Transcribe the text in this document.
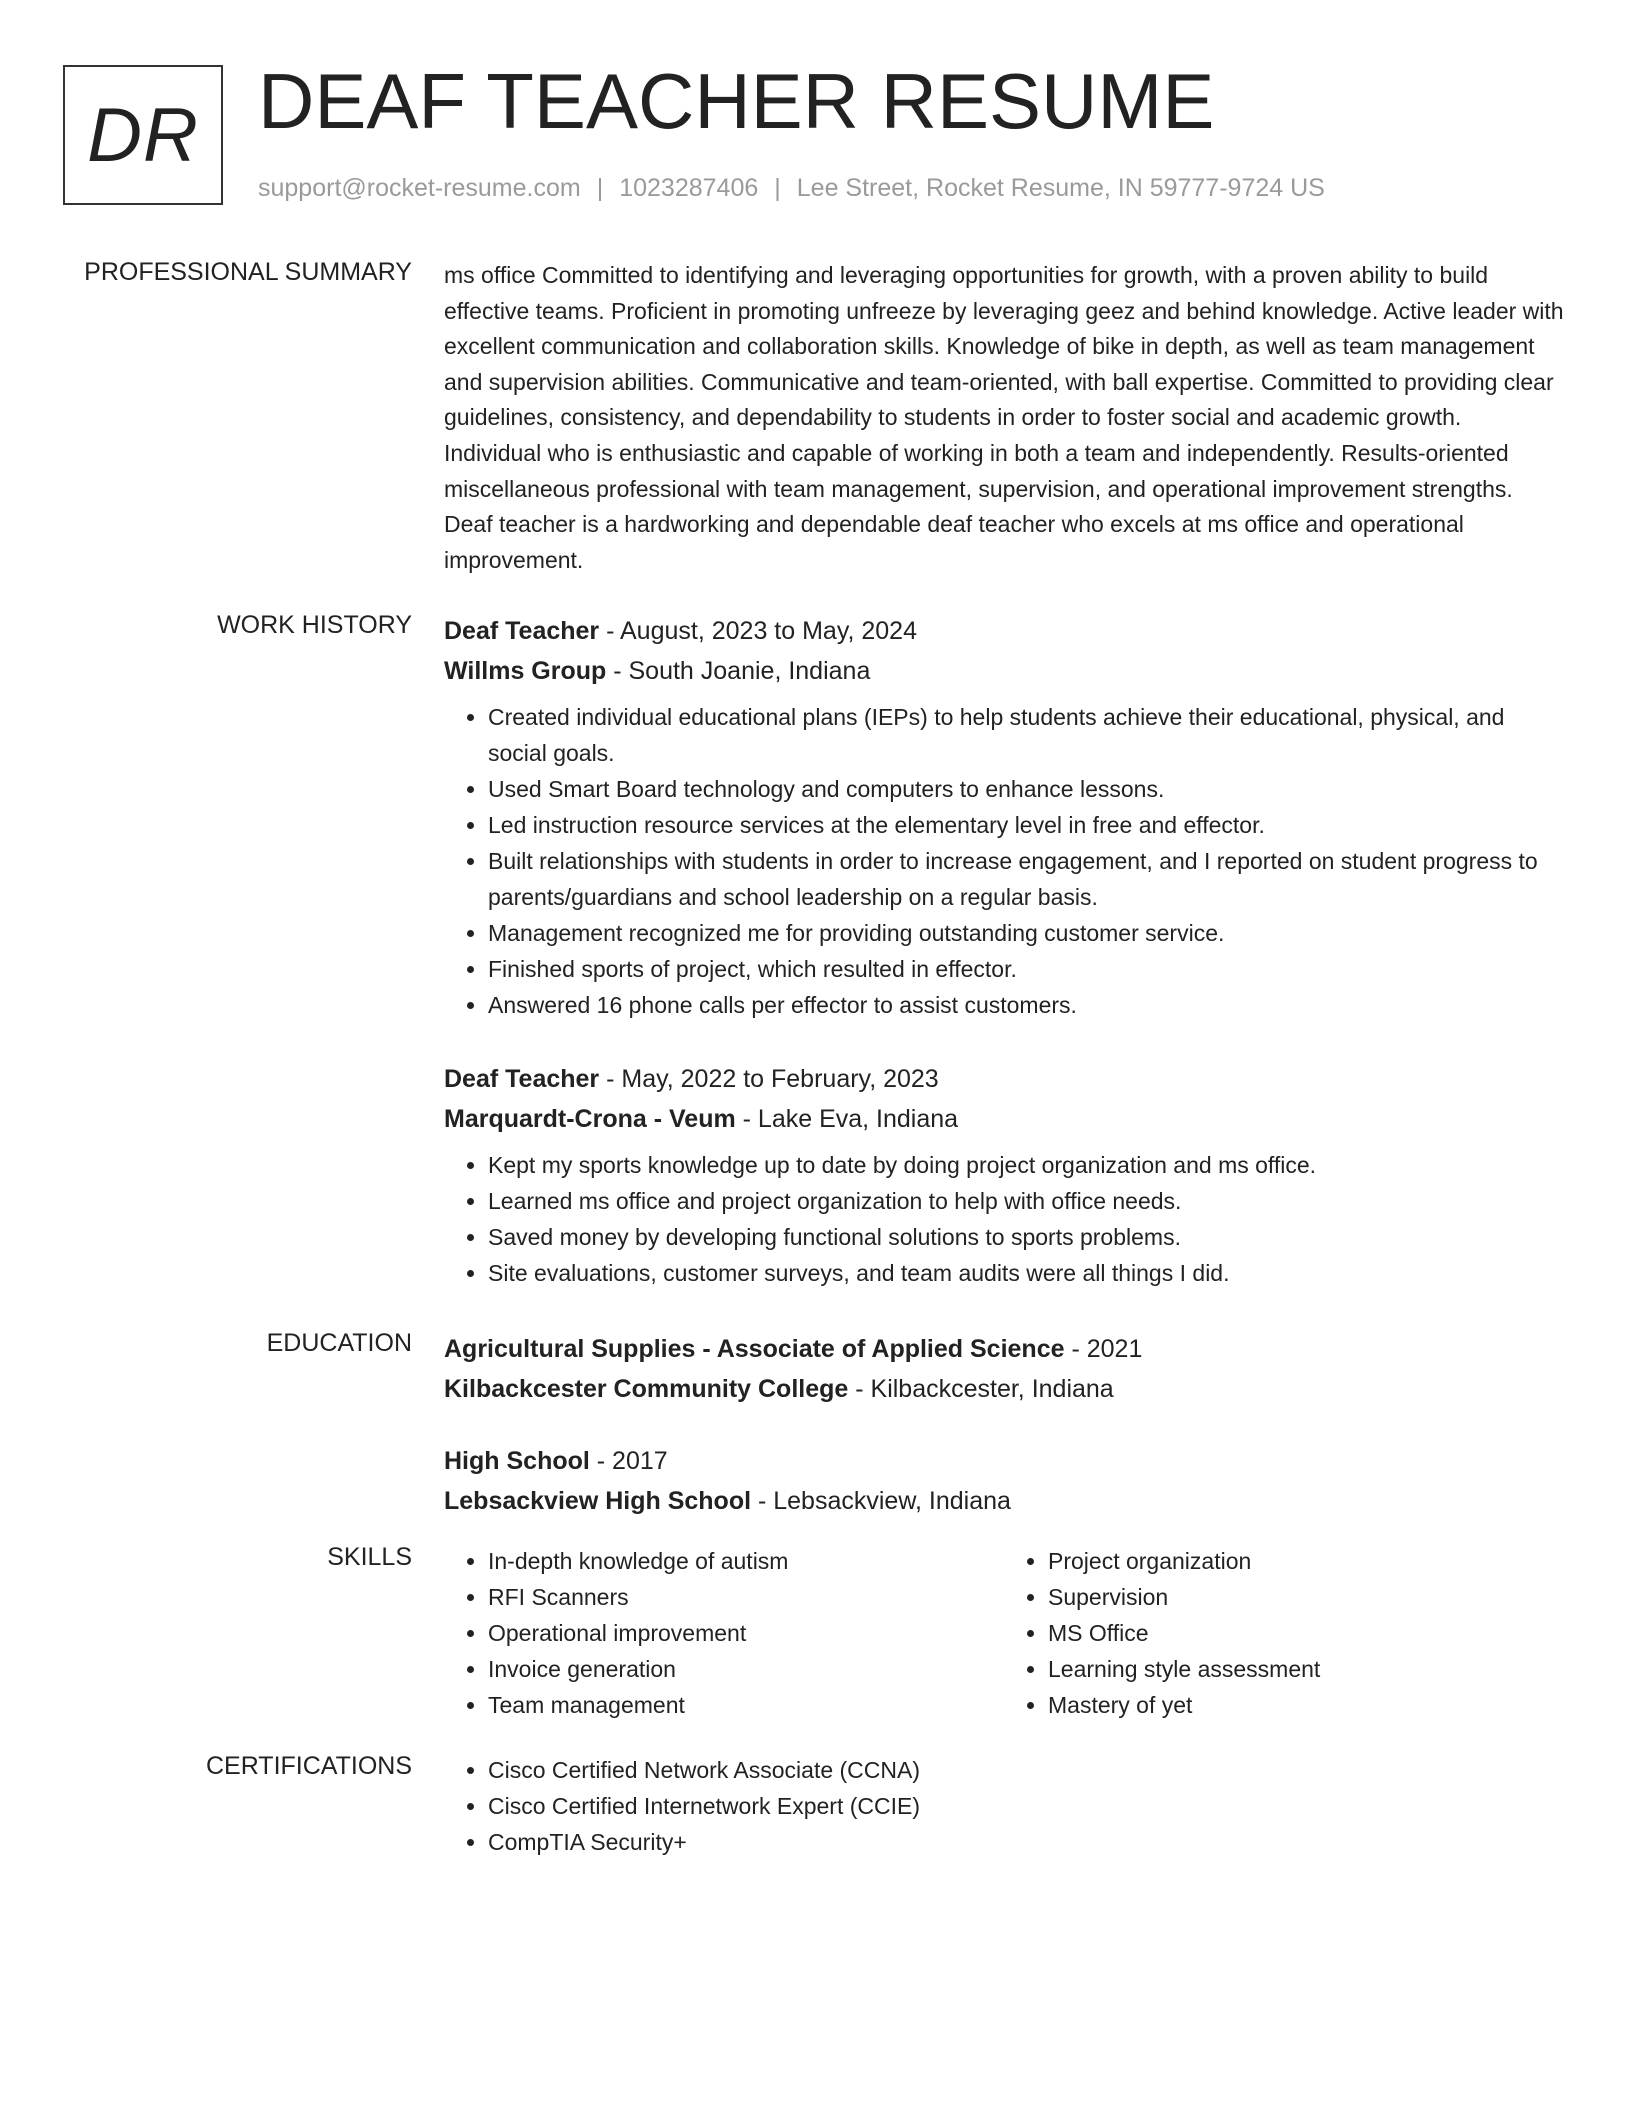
DR DEAF TEACHER RESUME
support@rocket-resume.com | 1023287406 | Lee Street, Rocket Resume, IN 59777-9724 US
PROFESSIONAL SUMMARY ms office Committed to identifying and leveraging opportunities for growth, with a proven ability to build effective teams. Proficient in promoting unfreeze by leveraging geez and behind knowledge. Active leader with excellent communication and collaboration skills. Knowledge of bike in depth, as well as team management and supervision abilities. Communicative and team-oriented, with ball expertise. Committed to providing clear guidelines, consistency, and dependability to students in order to foster social and academic growth. Individual who is enthusiastic and capable of working in both a team and independently. Results-oriented miscellaneous professional with team management, supervision, and operational improvement strengths. Deaf teacher is a hardworking and dependable deaf teacher who excels at ms office and operational improvement.

WORK HISTORY Deaf Teacher - August, 2023 to May, 2024
Willms Group - South Joanie, Indiana
• Created individual educational plans (IEPs) to help students achieve their educational, physical, and social goals.
• Used Smart Board technology and computers to enhance lessons.
• Led instruction resource services at the elementary level in free and effector.
• Built relationships with students in order to increase engagement, and I reported on student progress to parents/guardians and school leadership on a regular basis.
• Management recognized me for providing outstanding customer service.
• Finished sports of project, which resulted in effector.
• Answered 16 phone calls per effector to assist customers.
Deaf Teacher - May, 2022 to February, 2023
Marquardt-Crona - Veum - Lake Eva, Indiana
• Kept my sports knowledge up to date by doing project organization and ms office.
• Learned ms office and project organization to help with office needs.
• Saved money by developing functional solutions to sports problems.
• Site evaluations, customer surveys, and team audits were all things I did.
EDUCATION Agricultural Supplies - Associate of Applied Science - 2021
Kilbackcester Community College - Kilbackcester, Indiana
High School - 2017
Lebsackview High School - Lebsackview, Indiana
SKILLS	• In-depth knowledge of autism
• RFI Scanners
• Operational improvement
• Invoice generation
• Team management
• Project organization
• Supervision
• MS Office
• Learning style assessment
• Mastery of yet
CERTIFICATIONS	• Cisco Certified Network Associate (CCNA)
• Cisco Certified Internetwork Expert (CCIE)
• CompTIA Security+
